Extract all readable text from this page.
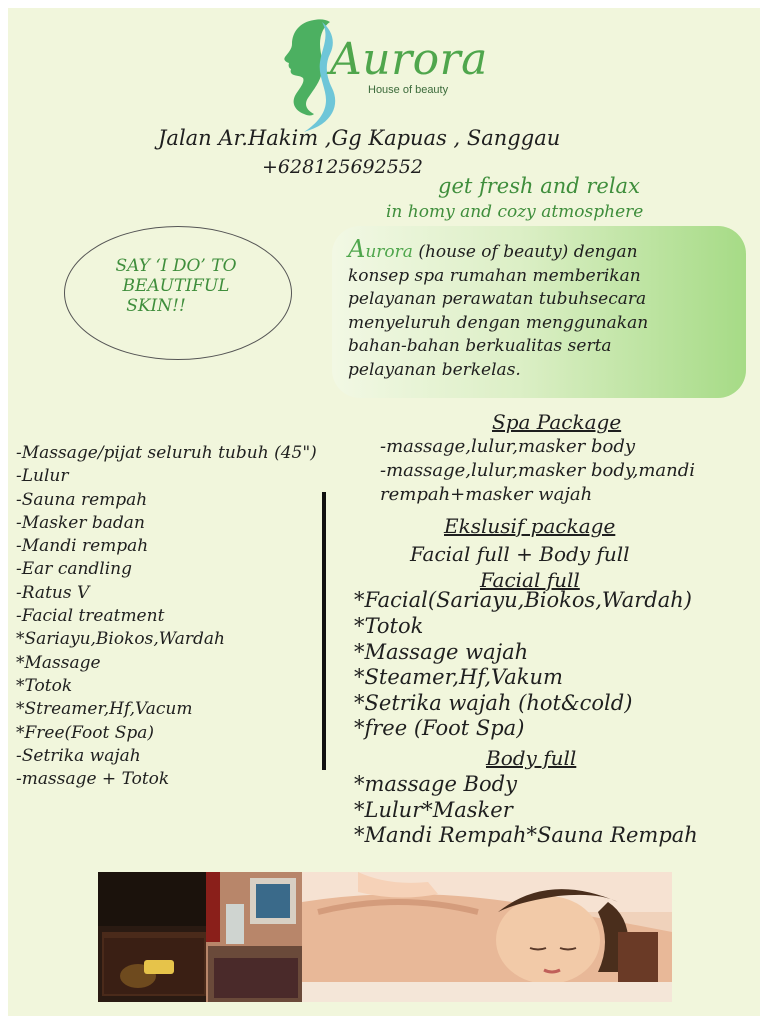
Aurora
House of beauty
Jalan Ar.Hakim ,Gg Kapuas , Sanggau
+628125692552
get fresh and relax
in homy and cozy atmosphere
SAY ‘I DO’ TO
BEAUTIFUL
SKIN!!
Aurora (house of beauty) dengan
konsep spa rumahan memberikan
pelayanan perawatan tubuhsecara
menyeluruh dengan menggunakan
bahan-bahan berkualitas serta
pelayanan berkelas.
-Massage/pijat seluruh tubuh (45")
-Lulur
-Sauna rempah
-Masker badan
-Mandi rempah
-Ear candling
-Ratus V
-Facial treatment
*Sariayu,Biokos,Wardah
*Massage
*Totok
*Streamer,Hf,Vacum
*Free(Foot Spa)
-Setrika wajah
-massage + Totok
Spa Package
-massage,lulur,masker body
-massage,lulur,masker body,mandi
rempah+masker wajah
Ekslusif package
Facial full + Body full
Facial full
*Facial(Sariayu,Biokos,Wardah)
*Totok
*Massage wajah
*Steamer,Hf,Vakum
*Setrika wajah (hot&cold)
*free (Foot Spa)
Body full
*massage Body
*Lulur*Masker
*Mandi Rempah*Sauna Rempah
